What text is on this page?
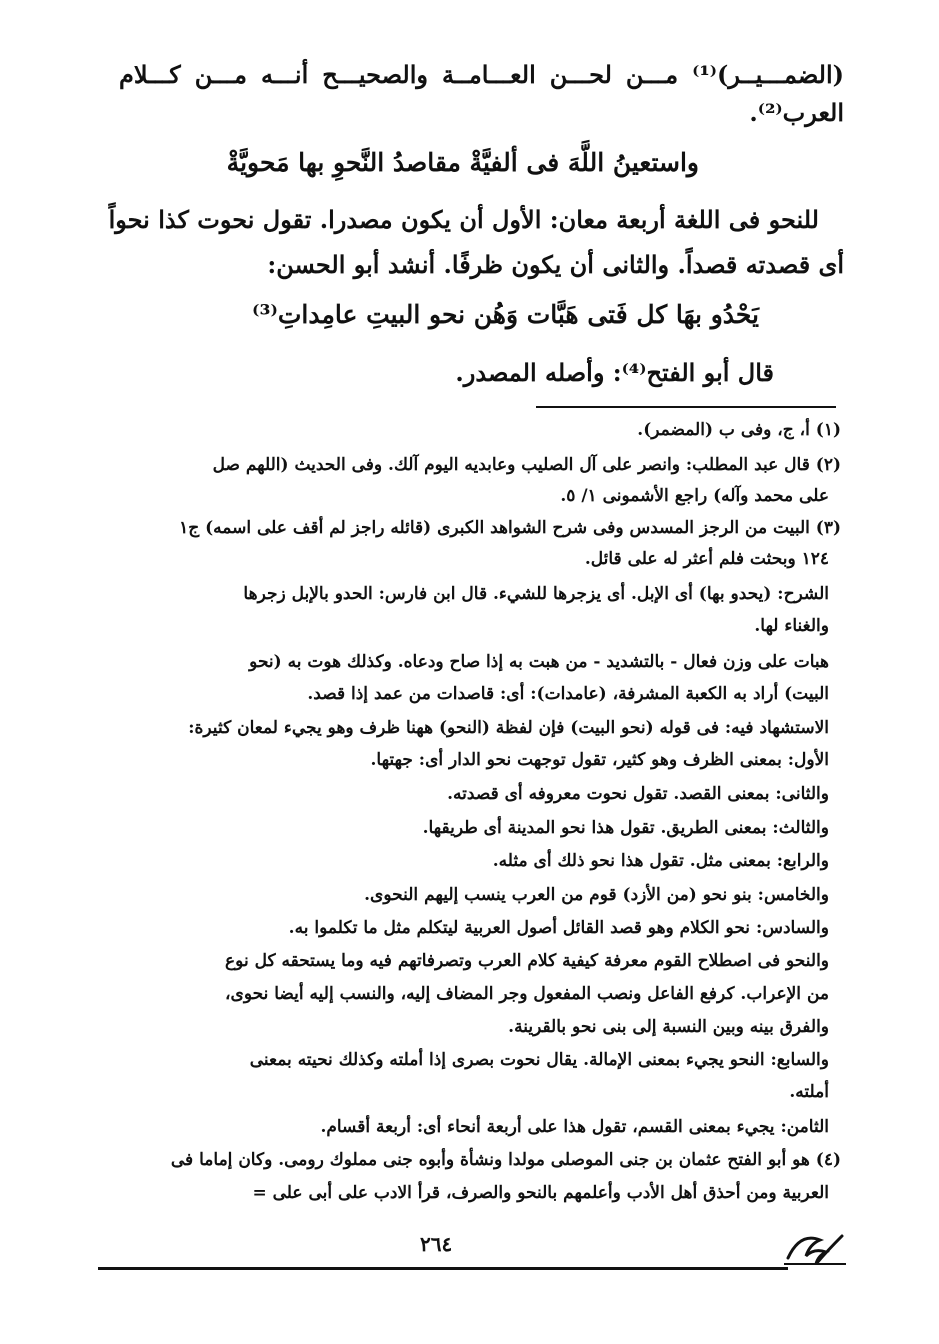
(الضمـــيــر)⁽¹⁾ مـــن لحـــن العـــامــة والصحيـــح أنـــه مـــن كـــلام
العرب⁽²⁾.
واستعينُ اللَّهَ فى ألفيَّةْ مقاصدُ النَّحوِ بها مَحويَّةْ
للنحو فى اللغة أربعة معان: الأول أن يكون مصدرا. تقول نحوت كذا نحواً
أى قصدته قصداً. والثانى أن يكون ظرفًا. أنشد أبو الحسن:
يَحْدُو بهَا كل فَتى هَبَّات وَهُن نحو البيتِ عامِداتِ⁽³⁾
قال أبو الفتح⁽⁴⁾: وأصله المصدر.
(١) أ، ج، وفى ب (المضمر).
(٢) قال عبد المطلب: وانصر على آل الصليب وعابديه اليوم آلك. وفى الحديث (اللهم صل
على محمد وآله) راجع الأشمونى ١/ ٥.
(٣) البيت من الرجز المسدس وفى شرح الشواهد الكبرى (قائله راجز لم أقف على اسمه) ج١
١٢٤ وبحثت فلم أعثر له على قائل.
الشرح: (يحدو بها) أى الإبل. أى يزجرها للشيء. قال ابن فارس: الحدو بالإبل زجرها
والغناء لها.
هبات على وزن فعال - بالتشديد - من هبت به إذا صاح ودعاه. وكذلك هوت به (نحو
البيت) أراد به الكعبة المشرفة، (عامدات): أى: قاصدات من عمد إذا قصد.
الاستشهاد فيه: فى قوله (نحو البيت) فإن لفظة (النحو) ههنا ظرف وهو يجيء لمعان كثيرة:
الأول: بمعنى الظرف وهو كثير، تقول توجهت نحو الدار أى: جهتها.
والثانى: بمعنى القصد. تقول نحوت معروفه أى قصدته.
والثالث: بمعنى الطريق. تقول هذا نحو المدينة أى طريقها.
والرابع: بمعنى مثل. تقول هذا نحو ذلك أى مثله.
والخامس: بنو نحو (من الأزد) قوم من العرب ينسب إليهم النحوى.
والسادس: نحو الكلام وهو قصد القائل أصول العربية ليتكلم مثل ما تكلموا به.
والنحو فى اصطلاح القوم معرفة كيفية كلام العرب وتصرفاتهم فيه وما يستحقه كل نوع
من الإعراب. كرفع الفاعل ونصب المفعول وجر المضاف إليه، والنسب إليه أيضا نحوى،
والفرق بينه وبين النسبة إلى بنى نحو بالقرينة.
والسابع: النحو يجيء بمعنى الإمالة. يقال نحوت بصرى إذا أملته وكذلك نحيته بمعنى
أملته.
الثامن: يجيء بمعنى القسم، تقول هذا على أربعة أنحاء أى: أربعة أقسام.
(٤) هو أبو الفتح عثمان بن جنى الموصلى مولدا ونشأة وأبوه جنى مملوك رومى. وكان إماما فى
العربية ومن أحذق أهل الأدب وأعلمهم بالنحو والصرف، قرأ الادب على أبى على =
٢٦٤
